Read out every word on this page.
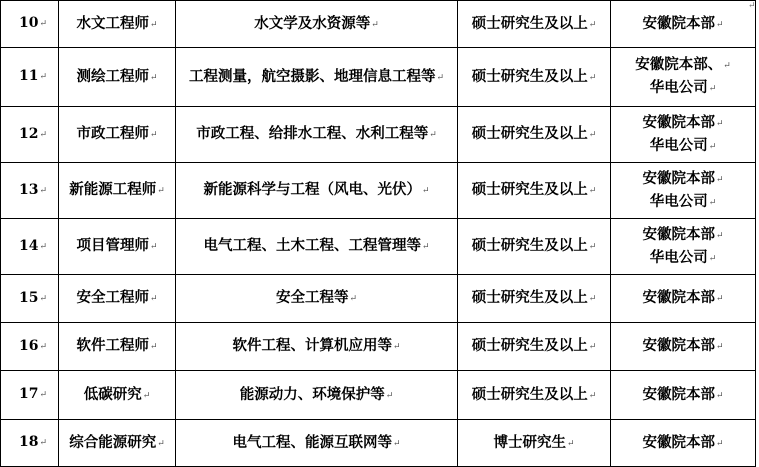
↵
10↵	水文工程师↵	水文学及水资源等↵	硕士研究生及以上↵	安徽院本部↵

11↵	测绘工程师↵	工程测量，航空摄影、地理信息工程等↵	硕士研究生及以上↵	安徽院本部、↵
华电公司↵

12↵	市政工程师↵	市政工程、给排水工程、水利工程等↵	硕士研究生及以上↵	安徽院本部↵
华电公司↵

13↵	新能源工程师↵	新能源科学与工程（风电、光伏）↵	硕士研究生及以上↵	安徽院本部↵
华电公司↵

14↵	项目管理师↵	电气工程、土木工程、工程管理等↵	硕士研究生及以上↵	安徽院本部↵
华电公司↵

15↵	安全工程师↵	安全工程等↵	硕士研究生及以上↵	安徽院本部↵

16↵	软件工程师↵	软件工程、计算机应用等↵	硕士研究生及以上↵	安徽院本部↵

17↵	低碳研究↵	能源动力、环境保护等↵	硕士研究生及以上↵	安徽院本部↵

18↵	综合能源研究↵	电气工程、能源互联网等↵	博士研究生↵	安徽院本部↵
